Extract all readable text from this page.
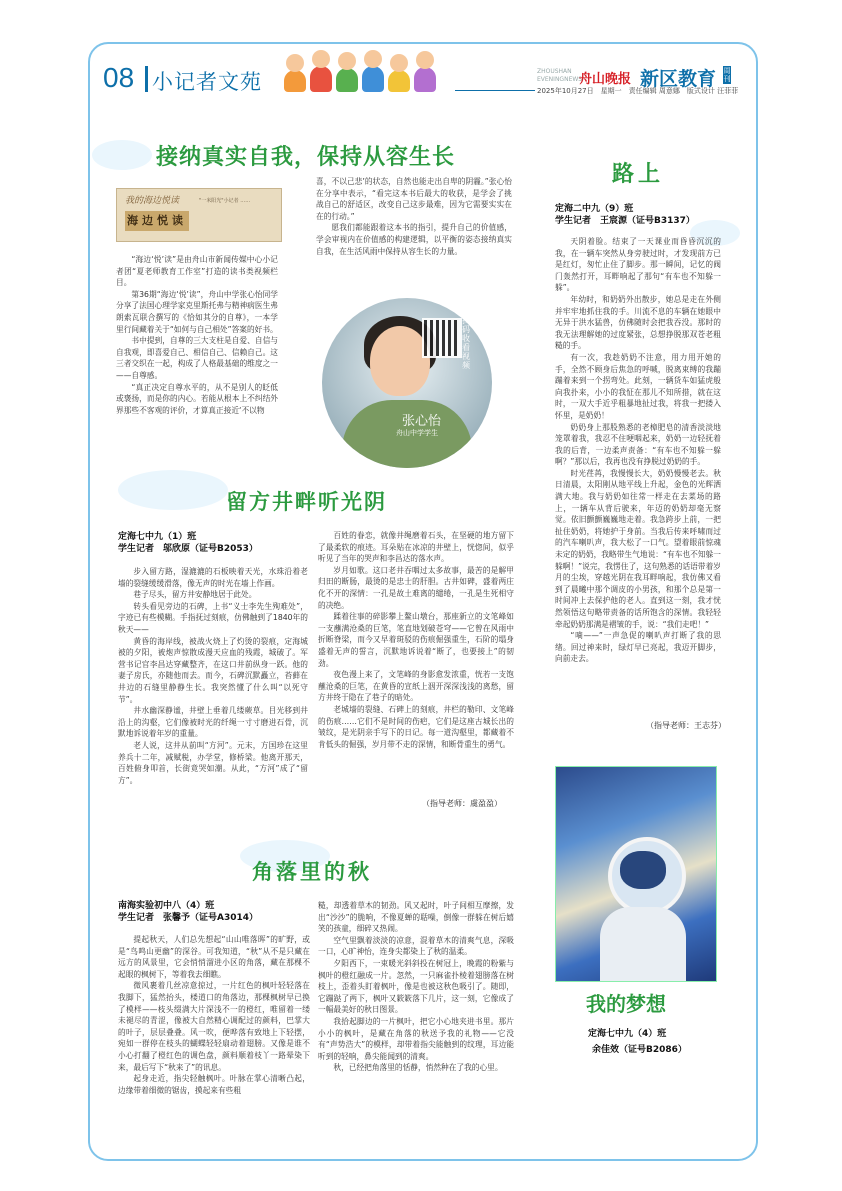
08 小记者文苑	ZHOUSHAN
EVENINGNEWS
舟山晚报 新区教育 周刊
2025年10月27日　星期一　责任编辑 周意娜　版式设计 汪菲菲
接纳真实自我，保持从容生长
我的海边悦读
海边悦读
"一米阳光"小记者 ……

“海边‘悦’读”是由舟山市新闻传媒中心小记者团“夏老师教育工作室”打造的读书类视频栏目。

第36期“海边‘悦’读”，舟山中学张心怡同学分享了法国心理学家克里斯托弗与精神病医生弗朗索瓦联合撰写的《恰如其分的自尊》，一本学里行间藏着关于“如何与自己相处”答案的好书。

书中提到，自尊的三大支柱是自爱、自信与自我观，即喜爱自己、相信自己、信赖自己。这三者交织在一起，构成了人格最基础的维度之一——自尊感。

“真正决定自尊水平的，从不是别人的眨低或褒扬，而是你的内心。若能从根本上不纠结外界那些不客观的评价，才算真正接近‘不以物

喜，不以己悲’的状态，自然也能走出自卑的阴霾。”张心怡在分享中表示，“看完这本书后最大的收获，是学会了挑战自己的舒适区，改变自己这步最难，因为它需要实实在在的行动。”

愿我们都能跟着这本书的指引，提升自己的价值感，学会审视内在价值感的构建逻辑，以平衡的姿态接纳真实自我，在生活风雨中保持从容生长的力量。

扫码收看视频
张心怡
舟山中学学生
留方井畔听光阴
定海七中九（1）班
学生记者　邬欣原（证号B2053）

步入留方路，湿漉漉的石板映着天光，水珠沿着老墙的裂缝缓缓滑落，像无声的时光在墙上作画。

巷子尽头，留方井安静地居于此处。

转头看见旁边的石碑，上书“义士李先生殉难处”，字迹已有些模糊。手指抚过刻痕，仿佛触到了1840年的秋天——

黄昏的海岸线，被战火烧上了灼烫的裂痕，定海城被的夕阳，被炮声惊散成漫天应血的残霞，城破了。军营书记官李昌达穿藏整齐，在这口井前纵身一跃。他的妻子房氏，亦随他而去。而今，石碑沉默矗立，苔藓在井边的石缝里静静生长。我突然懂了什么叫“以死守节”。

井水幽深静谧，井壁上垂着几缕蕨草。目光移到井沿上的沟壑，它们像被时光的纤绳一寸寸磨进石骨，沉默地诉说着年岁的重量。

老人说，这井从前叫“方河”。元末，方国珍在这里养兵十二年，减赋税，办学堂，修桥梁。他离开那天，百姓俯身叩首，长街竟哭如潮。从此，“方河”成了“留方”。

百姓的眷恋，就像井绳磨着石头，在坚硬的地方留下了最柔软的痕迹。耳朵贴在冰凉的井壁上，恍惚间，似乎听见了当年的哭声和李昌达的落水声。

岁月如歌。这口老井吞咽过太多故事，最苦的是解甲归田的断肠，最烫的是忠士的肝胆。古井如碑，盛着两庄化不开的深情：一孔是故土难离的缱绻，一孔是生死相守的决绝。

蹂着往事的碎影攀上鳌山墩台，那座新立的文笔峰如一支蘸满沧桑的巨笔，笔直地划破苍穹——它曾在风雨中折断脊梁，而今又早着斑驳的伤痕倔强重生，石阶的塌身盛着无声的誓言，沉默地诉说着“断了，也要接上”的韧劲。

夜色漫上来了，文笔峰的身影愈发浓重，恍若一支饱蘸沧桑的巨笔，在黄昏的宣纸上洇开深深浅浅的离愁，留方井终于隐在了巷子的暗处。

老城墙的裂缝、石碑上的刻痕，井栏的勒印、文笔峰的伤痕……它们不是时间的伤疤，它们是这座古城长出的皱纹，是光阴亲手写下的日记。每一道沟壑里，都藏着不肯低头的倔强，岁月带不走的深情，和断骨重生的勇气。

（指导老师：虞盈盈）
角落里的秋
南海实验初中八（4）班
学生记者　张馨予（证号A3014）

提起秋天，人们总先想起“山山唯落晖”的旷野，或是“鸟鸣山更幽”的深谷。可我知道，“秋”从不是只藏在远方的风景里，它会悄悄溜进小区的角落，藏在那棵不起眼的枫树下，等着我去细瞧。

微风裹着几丝凉意掠过，一片红色的枫叶轻轻落在我脚下，猛然抬头，楼道口的角落边，那棵枫树早已换了模样——枝头缀满大片深浅不一的橙红，唯留着一缕未褪尽的青涩，像被大自然精心调配过的颜料，巴掌大的叶子，层层叠叠。风一吹，便哗落有致地上下轻摆，宛如一群停在枝头的蝴蝶轻轻扇动着翅膀。又像是谁不小心打翻了橙红色的调色盘，颜料顺着枝丫一路晕染下来，最后写下“秋来了”的讯息。

起身走近，指尖轻触枫叶。叶脉在掌心清晰凸起，边缘带着细微的锯齿，摸起来有些粗

糙，却透着草木的韧劲。风又起时，叶子间相互摩擦，发出“沙沙”的脆响，不像夏蝉的聒噪，倒像一群躲在树后嬉笑的孩童，细碎又热闹。

空气里飘着淡淡的凉意，混着草木的清爽气息，深吸一口，心旷神怡，连身尖都染上了秋的温柔。

夕阳西下，一束暖光斜斜投在树冠上，晚霞的粉紫与枫叶的橙红融成一片。忽然，一只麻雀扑棱着翅膀落在树枝上，歪着头盯着枫叶，像是也被这秋色吸引了。随即，它蹦跶了两下，枫叶又簌簌落下几片，这一刻，它像成了一幅最美好的秋日图景。

我拾起脚边的一片枫叶，把它小心地夹进书里。那片小小的枫叶，是藏在角落的秋送予我的礼物——它没有“声势浩大”的模样，却带着指尖能触到的纹理，耳边能听到的轻响，鼻尖能闻到的清爽。

秋，已经把角落里的恬静，悄然种在了我的心里。

路上
定海二中九（9）班
学生记者　王宸源（证号B3137）

天阴着脸。结束了一天课业而昏昏沉沉的我，在一辆车突然从身旁驶过时，才发现前方已是红灯，匆忙止住了脚步。那一瞬间，记忆的阀门轰然打开，耳畔响起了那句“有车也不知躲一躲”。

年幼时，和奶奶外出散步，她总是走在外侧并牢牢地抓住我的手。川流不息的车辆在她眼中无异于洪水猛兽，仿佛随时会把我吞没。那时的我无法理解她的过度紧张，总想挣脱那双苍老粗糙的手。

有一次，我趁奶奶不注意，用力用开她的手，全然不顾身后焦急的呼喊，脱离束缚的我蹦蹦着来到一个拐弯处。此刻，一辆货车如猛虎般向我扑来，小小的我怔在那儿不知所措，就在这时，一双大手近乎粗暴地扯过我，将我一把搂入怀里，是奶奶！

奶奶身上那股熟悉的老樟肥皂的清香淡淡地笼罩着我，我忍不住哽咽起来，奶奶一边轻抚着我的后背，一边柔声责备：“有车也不知躲一躲啊？”那以后，我再也没有挣脱过奶奶的手。

时光荏苒，我慢慢长大，奶奶慢慢老去。秋日清晨，太阳刚从地平线上升起，金色的光辉洒满大地。我与奶奶如往常一样走在去菜场的路上，一辆车从背后驶来，年迈的奶奶却毫无察觉。依旧颤颤巍巍地走着。我急跨步上前，一把扯住奶奶，将她护于身前。当我后传来呼啸而过的汽车喇叭声，我大松了一口气。望着眼前惊魂未定的奶奶，我略带生气地说：“有车也不知躲一躲啊！”说完，我愣住了，这句熟悉的话语带着岁月的尘埃，穿越光阴在我耳畔响起，我仿佛又看到了晨曦中那个调皮的小男孩，和那个总是第一时间冲上去保护他的老人。直到这一刻，我才恍然领悟这句略带责备的话所饱含的深情。我轻轻牵起奶奶那满是褶皱的手，说：“我们走吧！”

“嘀——”一声急促的喇叭声打断了我的思绪。回过神来时，绿灯早已亮起，我迈开脚步，向前走去。

（指导老师：王志芬）
我的梦想
定海七中九（4）班
余佳效（证号B2086）
